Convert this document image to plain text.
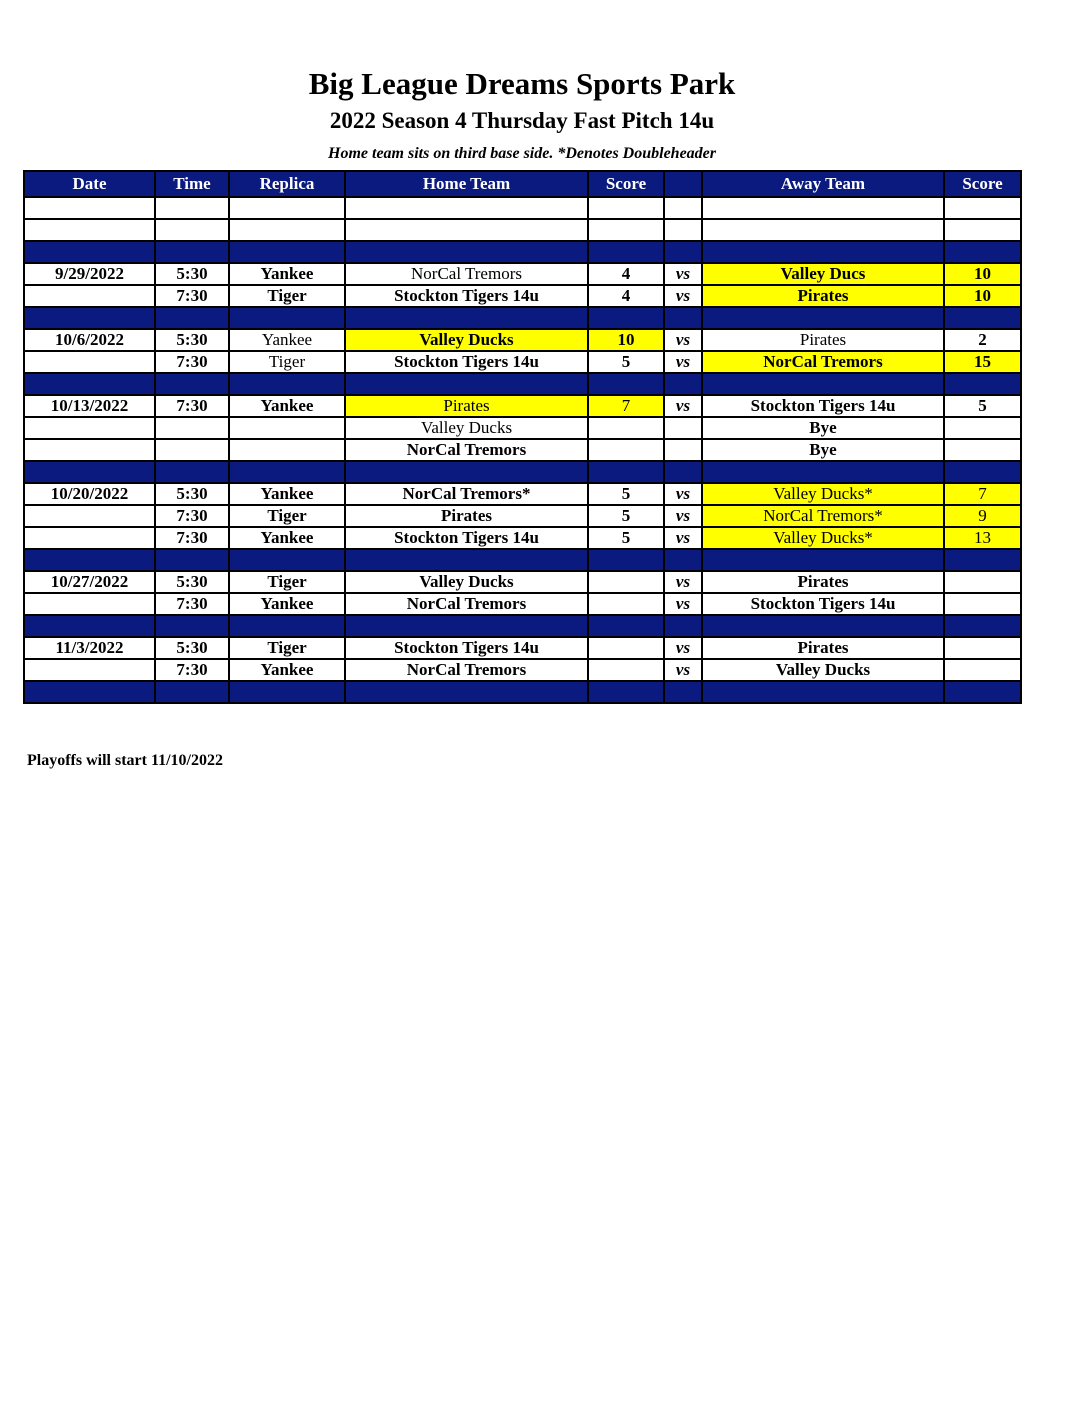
Big League Dreams Sports Park
2022 Season 4 Thursday Fast Pitch 14u
Home team sits on third base side. *Denotes Doubleheader
Date	Time	Replica	Home Team	Score		Away Team	Score

9/29/2022	5:30	Yankee	NorCal Tremors	4	vs	Valley Ducs	10
	7:30	Tiger	Stockton Tigers 14u	4	vs	Pirates	10

10/6/2022	5:30	Yankee	Valley Ducks	10	vs	Pirates	2
	7:30	Tiger	Stockton Tigers 14u	5	vs	NorCal Tremors	15

10/13/2022	7:30	Yankee	Pirates	7	vs	Stockton Tigers 14u	5
			Valley Ducks			Bye	
			NorCal Tremors			Bye	

10/20/2022	5:30	Yankee	NorCal Tremors*	5	vs	Valley Ducks*	7
	7:30	Tiger	Pirates	5	vs	NorCal Tremors*	9
	7:30	Yankee	Stockton Tigers 14u	5	vs	Valley Ducks*	13

10/27/2022	5:30	Tiger	Valley Ducks		vs	Pirates	
	7:30	Yankee	NorCal Tremors		vs	Stockton Tigers 14u	

11/3/2022	5:30	Tiger	Stockton Tigers 14u		vs	Pirates	
	7:30	Yankee	NorCal Tremors		vs	Valley Ducks	

Playoffs will start 11/10/2022
